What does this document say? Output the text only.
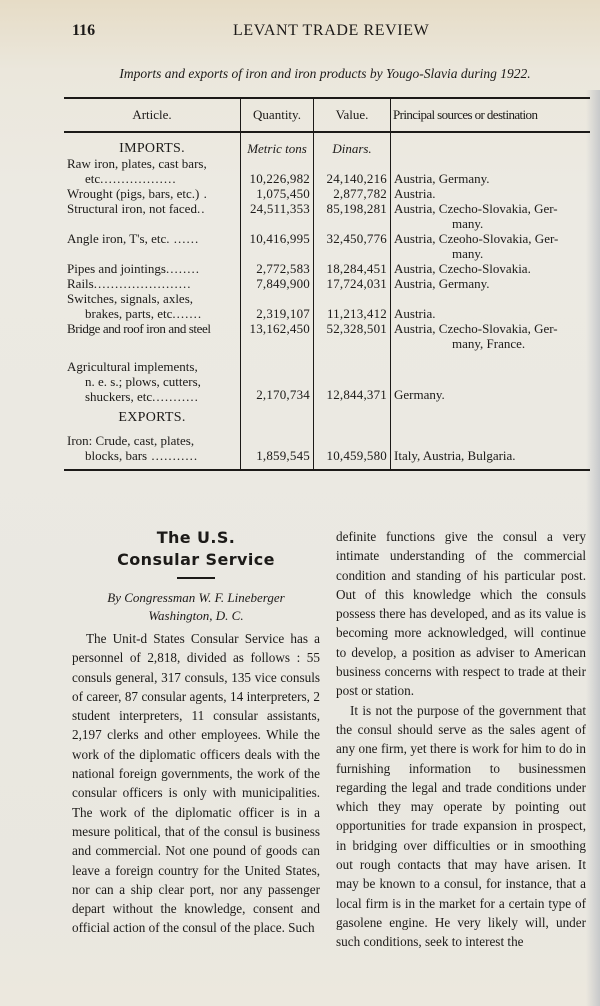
116	LEVANT TRADE REVIEW
Imports and exports of iron and iron products by Yougo-Slavia during 1922.
Article.	Quantity.	Value.	Principal sources or destination
IMPORTS.	Metric tons	Dinars.	
Raw iron, plates, cast bars,

etc..................	10,226,982	24,140,216	Austria, Germany.
Wrought (pigs, bars, etc.) .	1,075,450	2,877,782	Austria.
Structural iron, not faced..	24,511,353	85,198,281	Austria, Czecho-Slovakia, Ger-
many.

Angle iron, T's, etc. ......	10,416,995	32,450,776	Austria, Czeoho-Slovakia, Ger-
many.

Pipes and jointings........	2,772,583	18,284,451	Austria, Czecho-Slovakia.
Rails.......................	7,849,900	17,724,031	Austria, Germany.
Switches, signals, axles,

brakes, parts, etc.......	2,319,107	11,213,412	Austria.
Bridge and roof iron and steel	13,162,450	52,328,501	Austria, Czecho-Slovakia, Ger-
many, France.

Agricultural implements,

n. e. s.; plows, cutters,
shuckers, etc...........	2,170,734	12,844,371	Germany.
EXPORTS.			
Iron: Crude, cast, plates,

blocks, bars ...........	1,859,545	10,459,580	Italy, Austria, Bulgaria.
The U.S.
Consular Service
By Congressman W. F. Lineberger
Washington, D. C.

The Unit‑d States Consular Service has a personnel of 2,818, divided as follows : 55 consuls general, 317 consuls, 135 vice consuls of career, 87 consular agents, 14 interpreters, 2 student interpreters, 11 consular assistants, 2,197 clerks and other employees. While the work of the diplomatic officers deals with the national foreign governments, the work of the consular officers is only with municipalities. The work of the diplomatic officer is in a mesure political, that of the consul is business and commercial. Not one pound of goods can leave a foreign country for the United States, nor can a ship clear port, nor any passenger depart without the knowledge, consent and official action of the consul of the place. Such

definite functions give the consul a very intimate understanding of the commercial condition and standing of his particular post. Out of this knowledge which the consuls possess there has developed, and as its value is becoming more acknowledged, will continue to develop, a position as adviser to American business concerns with respect to trade at their post or station.

It is not the purpose of the government that the consul should serve as the sales agent of any one firm, yet there is work for him to do in furnishing information to businessmen regarding the legal and trade conditions under which they may operate by pointing out opportunities for trade expansion in prospect, in bridging over difficulties or in smoothing out rough contacts that may have arisen. It may be known to a consul, for instance, that a local firm is in the market for a certain type of gasolene engine. He very likely will, under such conditions, seek to interest the
